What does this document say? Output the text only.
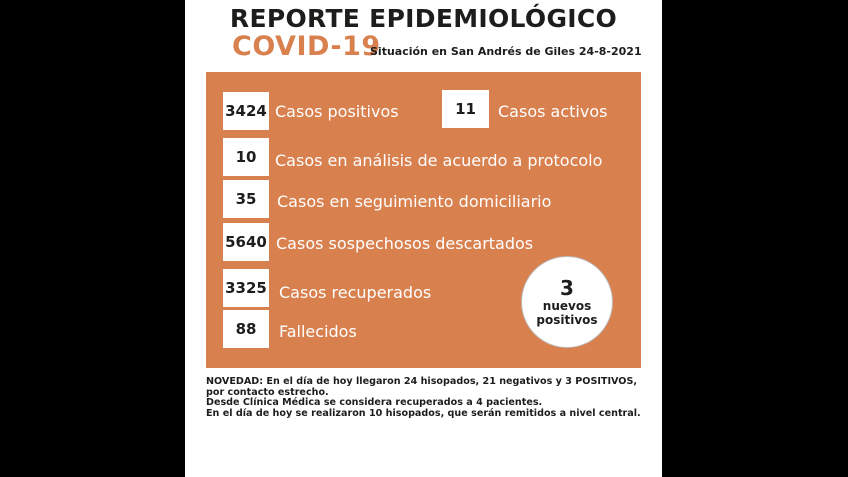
REPORTE EPIDEMIOLÓGICO
COVID-19
Situación en San Andrés de Giles 24-8-2021
3424 Casos positivos	11	Casos activos
10	Casos en análisis de acuerdo a protocolo
35	Casos en seguimiento domiciliario
5640 Casos sospechosos descartados
3325 Casos recuperados
88	Fallecidos
3
nuevos
positivos
NOVEDAD: En el día de hoy llegaron 24 hisopados, 21 negativos y 3 POSITIVOS,
por contacto estrecho.
Desde Clínica Médica se considera recuperados a 4 pacientes.
En el día de hoy se realizaron 10 hisopados, que serán remitidos a nivel central.
